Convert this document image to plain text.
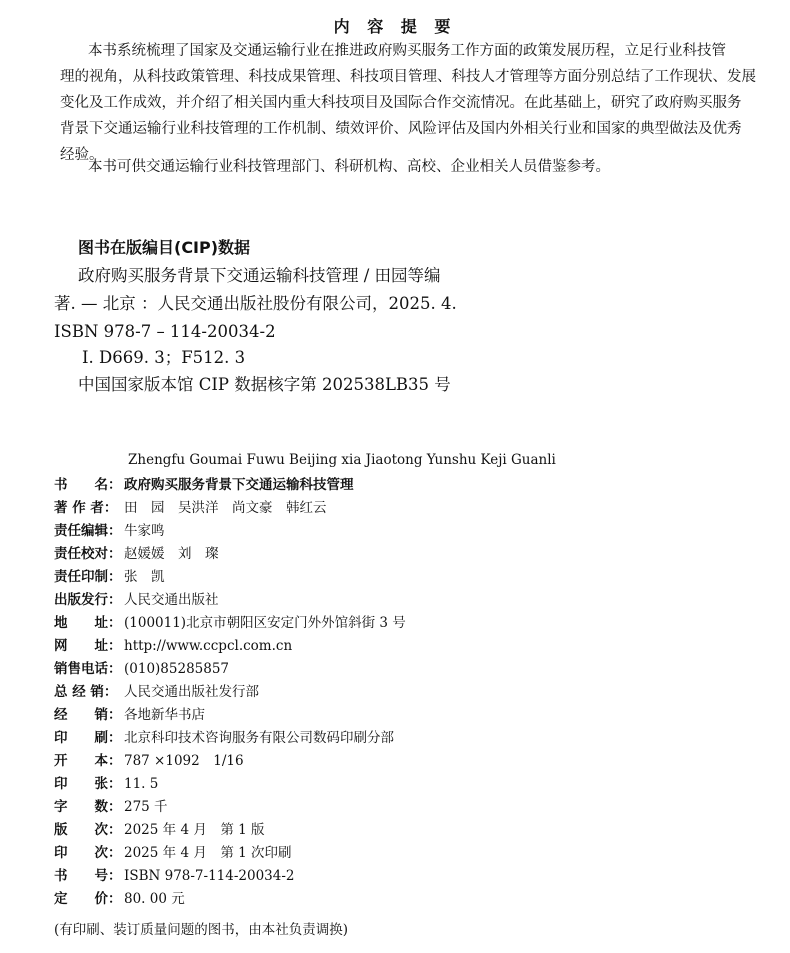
内 容 提 要
本书系统梳理了国家及交通运输行业在推进政府购买服务工作方面的政策发展历程，立足行业科技管
理的视角，从科技政策管理、科技成果管理、科技项目管理、科技人才管理等方面分别总结了工作现状、发展
变化及工作成效，并介绍了相关国内重大科技项目及国际合作交流情况。在此基础上，研究了政府购买服务
背景下交通运输行业科技管理的工作机制、绩效评价、风险评估及国内外相关行业和国家的典型做法及优秀
经验。
本书可供交通运输行业科技管理部门、科研机构、高校、企业相关人员借鉴参考。
图书在版编目(CIP)数据
政府购买服务背景下交通运输科技管理 / 田园等编
著. — 北京 ：人民交通出版社股份有限公司，2025. 4.
ISBN 978-7 – 114-20034-2
Ⅰ. D669. 3；F512. 3
中国国家版本馆 CIP 数据核字第 202538LB35 号
Zhengfu Goumai Fuwu Beijing xia Jiaotong Yunshu Keji Guanli
书　　名： 政府购买服务背景下交通运输科技管理
著 作 者： 田　园　吴洪洋　尚文豪　韩红云
责任编辑： 牛家鸣
责任校对： 赵媛媛　刘　璨
责任印制： 张　凯
出版发行： 人民交通出版社
地　　址： (100011)北京市朝阳区安定门外外馆斜街 3 号
网　　址： http://www.ccpcl.com.cn
销售电话： (010)85285857
总 经 销： 人民交通出版社发行部
经　　销： 各地新华书店
印　　刷： 北京科印技术咨询服务有限公司数码印刷分部
开　　本： 787 ×1092　1/16
印　　张： 11. 5
字　　数： 275 千
版　　次： 2025 年 4 月　第 1 版
印　　次： 2025 年 4 月　第 1 次印刷
书　　号： ISBN 978-7-114-20034-2
定　　价： 80. 00 元
(有印刷、装订质量问题的图书，由本社负责调换)
